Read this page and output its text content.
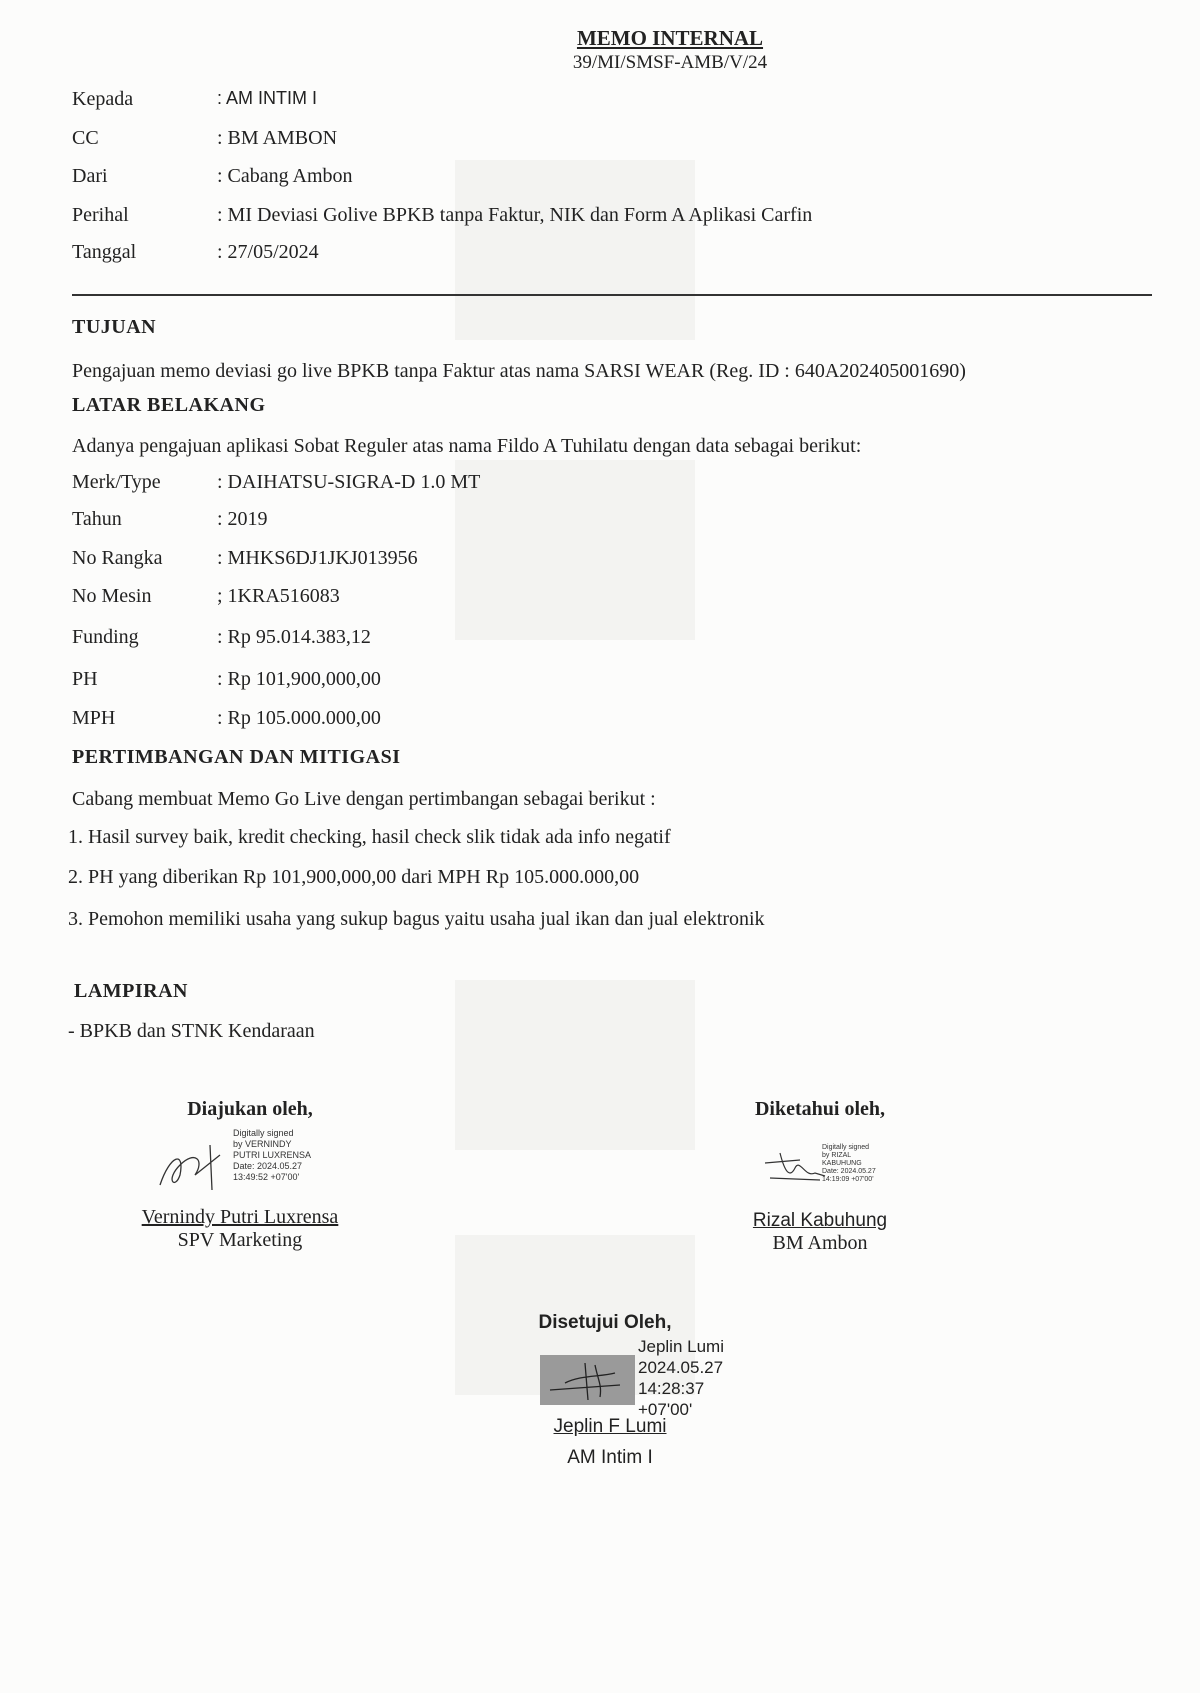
MEMO INTERNAL
39/MI/SMSF-AMB/V/24
Kepada	: AM INTIM I
CC	: BM AMBON
Dari	: Cabang Ambon
Perihal	: MI Deviasi Golive BPKB tanpa Faktur, NIK dan Form A Aplikasi Carfin
Tanggal	: 27/05/2024
TUJUAN
Pengajuan memo deviasi go live BPKB tanpa Faktur atas nama SARSI WEAR (Reg. ID : 640A202405001690)
LATAR BELAKANG
Adanya pengajuan aplikasi Sobat Reguler atas nama Fildo A Tuhilatu dengan data sebagai berikut:
Merk/Type	: DAIHATSU-SIGRA-D 1.0 MT
Tahun	: 2019
No Rangka	: MHKS6DJ1JKJ013956
No Mesin	; 1KRA516083
Funding	: Rp 95.014.383,12
PH	: Rp 101,900,000,00
MPH	: Rp 105.000.000,00
PERTIMBANGAN DAN MITIGASI
Cabang membuat Memo Go Live dengan pertimbangan sebagai berikut :
1. Hasil survey baik, kredit checking, hasil check slik tidak ada info negatif
2. PH yang diberikan Rp 101,900,000,00 dari MPH Rp 105.000.000,00
3. Pemohon memiliki usaha yang sukup bagus yaitu usaha jual ikan dan jual elektronik
LAMPIRAN
- BPKB dan STNK Kendaraan
Diajukan oleh,
Digitally signed
by VERNINDY
PUTRI LUXRENSA
Date: 2024.05.27
13:49:52 +07'00'
Vernindy Putri Luxrensa
SPV Marketing
Diketahui oleh,
Digitally signed
by RIZAL
KABUHUNG
Date: 2024.05.27
14:19:09 +07'00'
Rizal Kabuhung
BM Ambon
Disetujui Oleh,
Jeplin Lumi
2024.05.27
14:28:37
+07'00'
Jeplin F Lumi
AM Intim I
